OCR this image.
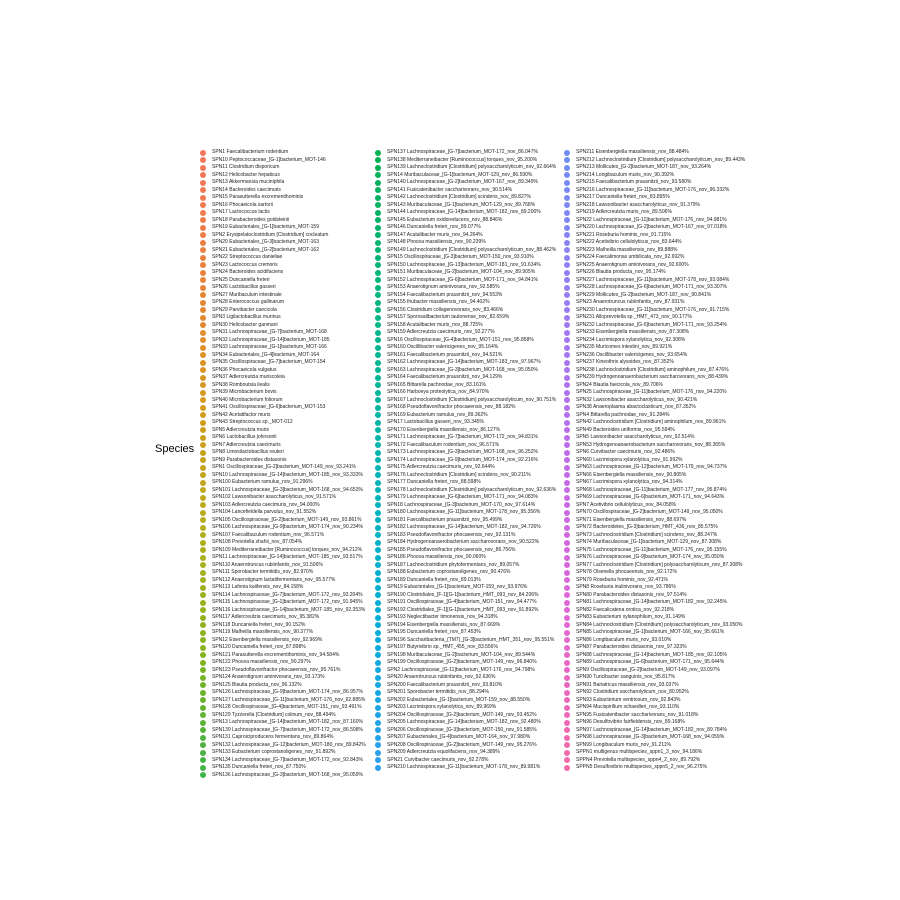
Species
SPN1 Faecalibacterium rodentium
SPN10 Peptococcaceae_[G-1]bacterium_MOT-146
SPN11 Clostridium disporicum
SPN12 Helicobacter hepaticus
SPN13 Akkermansia muciniphila
SPN14 Bacteroides caecimuris
SPN15 Parasutterella excrementihominis
SPN16 Phocaeicola sartorii
SPN17 Lactococcus lactis
SPN18 Parabacteroides goldsteinii
SPN19 Eubacteriales_[G-1]bacterium_MOT-159
SPN2 Erysipelatoclostridium [Clostridium] cocleatum
SPN20 Eubacteriales_[G-3]bacterium_MOT-163
SPN21 Eubacteriales_[G-2]bacterium_MOT-162
SPN22 Streptococcus danieliae
SPN23 Lactococcus cremoris
SPN24 Bacteroides acidifaciens
SPN25 Duncaniella freteri
SPN26 Lactobacillus gasseri
SPN27 Muribaculum intestinale
SPN28 Enterococcus gallinarum
SPN29 Parvibacter caecicola
SPN3 Ligilactobacillus murinus
SPN30 Helicobacter ganmani
SPN31 Lachnospiraceae_[G-7]bacterium_MOT-168
SPN32 Lachnospiraceae_[G-14]bacterium_MOT-185
SPN33 Lachnospiraceae_[G-1]bacterium_MOT-166
SPN34 Eubacteriales_[G-4]bacterium_MOT-164
SPN35 Oscillospiraceae_[G-7]bacterium_MOT-154
SPN36 Phocaeicola vulgatus
SPN37 Adlercreutzia muriscoleia
SPN38 Romboutsia ilealis
SPN39 Microbacterium bovis
SPN40 Microbacterium foliorum
SPN41 Oscillospiraceae_[G-6]bacterium_MOT-153
SPN42 Acetatifactor muris
SPN43 Streptococcus sp._MOT-012
SPN5 Adlercreutzia muris
SPN6 Lactobacillus johnsonii
SPN7 Adlercreutzia caecimuris
SPN8 Limosilactobacillus reuteri
SPN9 Parabacteroides distasonis
SPN1 Oscillospiraceae_[G-2]bacterium_MOT-149_nov_93.241%
SPN10 Lachnospiraceae_[G-14]bacterium_MOT-185_nov_93.333%
SPN100 Eubacterium ramulus_nov_91.296%
SPN101 Lachnospiraceae_[G-3]bacterium_MOT-168_nov_94.653%
SPN102 Lawsonibacter asaccharolyticus_nov_91.571%
SPN103 Adlercreutzia caecimuris_nov_94.000%
SPN104 Lancefieldella parvulus_nov_91.552%
SPN105 Oscillospiraceae_[G-2]bacterium_MOT-149_nov_93.861%
SPN106 Lachnospiraceae_[G-9]bacterium_MOT-174_nov_90.234%
SPN107 Faecalibaculum rodentium_nov_96.571%
SPN108 Prevotella shahii_nov_87.054%
SPN109 Mediterraneibacter [Ruminococcus] torques_nov_94.212%
SPN11 Lachnospiraceae_[G-14]bacterium_MOT-185_nov_93.517%
SPN110 Anaerotruncus rubiinfantis_nov_91.506%
SPN111 Sporobacter termitidis_nov_82.970%
SPN112 Anaerotignum lactatifermentans_nov_95.577%
SPN113 Lafonia kaiifensis_nov_84.158%
SPN114 Lachnospiraceae_[G-7]bacterium_MOT-172_nov_93.204%
SPN115 Lachnospiraceae_[G-1]bacterium_MOT-172_nov_91.945%
SPN116 Lachnospiraceae_[G-14]bacterium_MOT-185_nov_92.353%
SPN117 Adlercreutzia caecimuris_nov_95.382%
SPN118 Duncaniella freteri_nov_90.152%
SPN119 Malheilla massiliensis_nov_90.377%
SPN12 Eisenbergiella massiliensis_nov_92.969%
SPN120 Duncaniella freteri_nov_87.898%
SPN121 Parasutterella excrementihominis_nov_94.584%
SPN122 Phocea massiliensis_nov_90.297%
SPN123 Pseudoflavonifractor phocaeensis_nov_95.761%
SPN124 Anaerotignum aminivorans_nov_93.173%
SPN125 Blautia producta_nov_96.132%
SPN126 Lachnospiraceae_[G-9]bacterium_MOT-174_nov_86.957%
SPN127 Lachnospiraceae_[G-11]bacterium_MOT-176_nov_92.885%
SPN128 Oscillospiraceae_[G-4]bacterium_MOT-151_nov_93.491%
SPN129 Tyzzerella [Clostridium] colinum_nov_88.494%
SPN13 Lachnospiraceae_[G-14]bacterium_MOT-182_nov_87.160%
SPN130 Lachnospiraceae_[G-7]bacterium_MOT-172_nov_86.508%
SPN131 Caproiciproducens fermentans_nov_89.864%
SPN132 Lachnospiraceae_[G-12]bacterium_MOT-180_nov_89.842%
SPN133 Eubacterium coprostanoligenes_nov_91.892%
SPN134 Lachnospiraceae_[G-7]bacterium_MOT-172_nov_92.843%
SPN135 Duncaniella freteri_nov_87.750%
SPN136 Lachnospiraceae_[G-3]bacterium_MOT-168_nov_95.059%
SPN137 Lachnospiraceae_[G-7]bacterium_MOT-172_nov_86.047%
SPN138 Mediterraneibacter [Ruminococcus] torques_nov_95.200%
SPN139 Lachnoclostridium [Clostridium] polysaccharolyticum_nov_92.664%
SPN14 Muribaculaceae_[G-1]bacterium_MOT-129_nov_86.590%
SPN140 Lachnospiraceae_[G-2]bacterium_MOT-167_nov_89.349%
SPN141 Fusicatenibacter saccharivorans_nov_90.514%
SPN142 Lachnoclostridium [Clostridium] scindens_nov_89.827%
SPN143 Muribaculaceae_[G-1]bacterium_MOT-129_nov_89.768%
SPN144 Lachnospiraceae_[G-14]bacterium_MOT-182_nov_89.200%
SPN145 Eubacterium oxidoreducens_nov_88.846%
SPN146 Duncaniella freteri_nov_89.077%
SPN147 Acutalibacter muris_nov_94.264%
SPN148 Phocea massiliensis_nov_90.239%
SPN149 Lachnoclostridium [Clostridium] polysaccharolyticum_nov_88.462%
SPN15 Oscillospiraceae_[G-3]bacterium_MOT-150_nov_93.910%
SPN150 Lachnospiraceae_[G-13]bacterium_MOT-181_nov_91.634%
SPN151 Muribaculaceae_[G-2]bacterium_MOT-104_nov_89.905%
SPN152 Lachnospiraceae_[G-6]bacterium_MOT-171_nov_94.841%
SPN153 Anaerotignum aminivorans_nov_92.585%
SPN154 Faecalibacterium prausnitzii_nov_94.553%
SPN155 Ihubacter massiliensis_nov_94.402%
SPN156 Clostridium collagenovorans_nov_83.466%
SPN157 Sporosalibacterium tautonense_nov_82.659%
SPN158 Acutalibacter muris_nov_88.725%
SPN159 Adlercreutzia caecimuris_nov_92.277%
SPN16 Oscillospiraceae_[G-4]bacterium_MOT-151_nov_95.858%
SPN160 Oscillibacter valericigenes_nov_95.164%
SPN161 Faecalibacterium prausnitzii_nov_94.521%
SPN162 Lachnospiraceae_[G-14]bacterium_MOT-183_nov_97.967%
SPN163 Lachnospiraceae_[G-3]bacterium_MOT-168_nov_95.050%
SPN164 Faecalibacterium prausnitzii_nov_94.129%
SPN165 Bittarella pachnodae_nov_83.161%
SPN166 Harboeya proteolytica_nov_84.970%
SPN167 Lachnoclostridium [Clostridium] polysaccharolyticum_nov_90.751%
SPN168 Pseudoflavonifractor phocaeensis_nov_88.182%
SPN169 Eubacterium ramulus_nov_89.362%
SPN17 Lactobacillus gasseri_nov_93.345%
SPN170 Eisenbergiella massiliensis_nov_86.127%
SPN171 Lachnospiraceae_[G-7]bacterium_MOT-172_nov_94.831%
SPN172 Faecalibaculum rodentium_nov_96.571%
SPN173 Lachnospiraceae_[G-3]bacterium_MOT-168_nov_96.252%
SPN174 Lachnospiraceae_[G-9]bacterium_MOT-174_nov_92.216%
SPN175 Adlercreutzia caecimuris_nov_92.644%
SPN176 Lachnoclostridium [Clostridium] scindens_nov_90.211%
SPN177 Duncaniella freteri_nov_88.598%
SPN178 Lachnoclostridium [Clostridium] polysaccharolyticum_nov_92.636%
SPN179 Lachnospiraceae_[G-6]bacterium_MOT-171_nov_94.083%
SPN18 Lachnospiraceae_[G-3]bacterium_MOT-170_nov_97.614%
SPN180 Lachnospiraceae_[G-11]bacterium_MOT-178_nov_95.356%
SPN181 Faecalibacterium prausnitzii_nov_95.499%
SPN182 Lachnospiraceae_[G-14]bacterium_MOT-182_nov_94.726%
SPN183 Pseudoflavonifractor phocaeensis_nov_92.131%
SPN184 Hydrogenoanaerobacterium saccharovorans_nov_90.522%
SPN185 Pseudoflavonifractor phocaeensis_nov_86.756%
SPN186 Phocea massiliensis_nov_90.060%
SPN187 Lachnoclostridium phytofermentans_nov_89.057%
SPN188 Eubacterium coprostanoligenes_nov_90.476%
SPN189 Duncaniella freteri_nov_89.013%
SPN19 Eubacteriales_[G-1]bacterium_MOT-159_nov_93.976%
SPN190 Clostridiales_[F-1][G-1]bacterium_HMT_093_nov_84.206%
SPN191 Oscillospiraceae_[G-4]bacterium_MOT-151_nov_94.477%
SPN192 Clostridiales_[F-1][G-1]bacterium_HMT_093_nov_91.892%
SPN193 Neglectibacter timonensis_nov_94.318%
SPN194 Eisenbergiella massiliensis_nov_87.669%
SPN195 Duncaniella freteri_nov_87.453%
SPN196 Saccharibacteria_(TM7)_[G-3]bacterium_HMT_351_nov_95.551%
SPN197 Butyrivibrio sp._HMT_455_nov_83.556%
SPN198 Muribaculaceae_[G-2]bacterium_MOT-104_nov_89.544%
SPN199 Oscillospiraceae_[G-2]bacterium_MOT-149_nov_96.840%
SPN2 Lachnospiraceae_[G-11]bacterium_MOT-176_nov_94.798%
SPN20 Anaerotruncus rubiinfantis_nov_92.636%
SPN200 Faecalibacterium prausnitzii_nov_93.810%
SPN201 Sporobacter termitidis_nov_88.294%
SPN202 Eubacteriales_[G-1]bacterium_MOT-159_nov_88.550%
SPN203 Lacrimispora xylanolytica_nov_89.969%
SPN204 Oscillospiraceae_[G-2]bacterium_MOT-149_nov_93.452%
SPN205 Lachnospiraceae_[G-14]bacterium_MOT-182_nov_92.480%
SPN206 Oscillospiraceae_[G-3]bacterium_MOT-150_nov_91.585%
SPN207 Eubacteriales_[G-4]bacterium_MOT-164_nov_97.980%
SPN208 Oscillospiraceae_[G-2]bacterium_MOT-149_nov_95.276%
SPN209 Adlercreutzia equolifaciens_nov_94.389%
SPN21 Curvibacter caecimuris_nov_92.278%
SPN210 Lachnospiraceae_[G-11]bacterium_MOT-178_nov_89.981%
SPN211 Eisenbergiella massiliensis_nov_88.484%
SPN212 Lachnoclostridium [Clostridium] polysaccharolyticum_nov_89.443%
SPN213 Mollicutes_[G-2]bacterium_MOT-187_nov_93.264%
SPN214 Longibaculum muris_nov_90.392%
SPN215 Faecalibacterium prausnitzii_nov_93.580%
SPN216 Lachnospiraceae_[G-11]bacterium_MOT-176_nov_96.332%
SPN217 Duncaniella freteri_nov_83.895%
SPN218 Lawsonibacter asaccharolyticus_nov_91.379%
SPN219 Adlercreutzia muris_nov_89.506%
SPN22 Lachnospiraceae_[G-11]bacterium_MOT-176_nov_94.981%
SPN220 Lachnospiraceae_[G-2]bacterium_MOT-167_nov_97.018%
SPN221 Roseburia hominis_nov_91.715%
SPN222 Acetivibrio cellulolyticus_nov_83.644%
SPN223 Malheilla massiliensis_nov_89.888%
SPN224 Faecalimonas umbilicata_nov_92.692%
SPN225 Anaerotignum aminivorans_nov_92.600%
SPN226 Blautia producta_nov_95.174%
SPN227 Lachnospiraceae_[G-11]bacterium_MOT-178_nov_93.084%
SPN228 Lachnospiraceae_[G-6]bacterium_MOT-171_nov_93.307%
SPN229 Mollicutes_[G-2]bacterium_MOT-187_nov_90.841%
SPN23 Anaerotruncus rubiinfantis_nov_87.931%
SPN230 Lachnospiraceae_[G-11]bacterium_MOT-176_nov_91.715%
SPN231 Alloprevotella sp._HMT_473_nov_90.177%
SPN232 Lachnospiraceae_[G-6]bacterium_MOT-171_nov_93.254%
SPN233 Eisenbergiella massiliensis_nov_87.308%
SPN234 Lacrimispora xylanolytica_nov_92.308%
SPN235 Muricomes intestini_nov_89.921%
SPN236 Oscillibacter valericigenes_nov_93.654%
SPN237 Kineothrix alysoides_nov_87.352%
SPN238 Lachnoclostridium [Clostridium] aminophilum_nov_87.476%
SPN239 Hydrogenoanaerobacterium saccharovorans_nov_88.439%
SPN24 Blautia faecicola_nov_89.706%
SPN25 Lachnospiraceae_[G-11]bacterium_MOT-176_nov_94.220%
SPN32 Lawsonibacter asaccharolyticus_nov_90.421%
SPN38 Anaeroplasma abactoclasticum_nov_87.352%
SPN4 Bittarella pachnodae_nov_91.284%
SPN42 Lachnoclostridium [Clostridium] aminophilum_nov_89.961%
SPN49 Bacteroides uniformis_nov_95.594%
SPN5 Lawsonibacter asaccharolyticus_nov_92.514%
SPN53 Hydrogenoanaerobacterium saccharovorans_nov_88.365%
SPN6 Curvibacter caecimuris_nov_92.486%
SPN60 Lacrimispora xylanolytica_nov_91.992%
SPN63 Lachnospiraceae_[G-12]bacterium_MOT-179_nov_94.737%
SPN66 Eisenbergiella massiliensis_nov_90.805%
SPN67 Lacrimispora xylanolytica_nov_94.314%
SPN68 Lachnospiraceae_[G-11]bacterium_MOT-177_nov_95.874%
SPN69 Lachnospiraceae_[G-6]bacterium_MOT-171_nov_94.643%
SPN7 Acetivibrio cellulolyticus_nov_84.058%
SPN70 Oscillospiraceae_[G-2]bacterium_MOT-149_nov_95.050%
SPN71 Eisenbergiella massiliensis_nov_88.697%
SPN72 Bacteroidetes_[G-3]bacterium_HMT_436_nov_85.575%
SPN73 Lachnoclostridium [Clostridium] scindens_nov_88.247%
SPN74 Muribaculaceae_[G-1]bacterium_MOT-129_nov_87.308%
SPN75 Lachnospiraceae_[G-11]bacterium_MOT-176_nov_95.155%
SPN76 Lachnospiraceae_[G-9]bacterium_MOT-174_nov_95.050%
SPN77 Lachnoclostridium [Clostridium] polysaccharolyticum_nov_87.308%
SPN78 Olsenella phocaeensis_nov_92.172%
SPN79 Roseburia hominis_nov_92.471%
SPN8 Roseburia inulinivorans_nov_93.786%
SPN80 Parabacteroides distasonis_nov_97.514%
SPN81 Lachnospiraceae_[G-14]bacterium_MOT-182_nov_92.245%
SPN82 Faecalicatena orotica_nov_92.218%
SPN83 Eubacterium xylanophilum_nov_91.149%
SPN84 Lachnoclostridium [Clostridium] polysaccharolyticum_nov_93.050%
SPN85 Lachnospiraceae_[G-1]bacterium_MOT-166_nov_95.661%
SPN86 Longibaculum muris_nov_93.010%
SPN87 Parabacteroides distasonis_nov_97.323%
SPN88 Lachnospiraceae_[G-14]bacterium_MOT-185_nov_92.105%
SPN89 Lachnospiraceae_[G-6]bacterium_MOT-171_nov_95.644%
SPN9 Oscillospiraceae_[G-2]bacterium_MOT-149_nov_93.097%
SPN90 Turicibacter sanguinis_nov_95.817%
SPN91 Bariatricus massiliensis_nov_93.037%
SPN92 Clostridium saccharolyticum_nov_80.952%
SPN93 Eubacterium ventriosum_nov_92.843%
SPN94 Mucispirillum schaedleri_nov_93.110%
SPN95 Fusicatenibacter saccharivorans_nov_91.018%
SPN96 Desulfovibrio fairfieldensis_nov_89.168%
SPN97 Lachnospiraceae_[G-14]bacterium_MOT-182_nov_89.784%
SPN98 Lachnospiraceae_[G-3]bacterium_MOT-168_nov_94.059%
SPN99 Longibaculum muris_nov_91.211%
SPPN1 multigenus multispecies_sppn1_3_nov_94.186%
SPPN4 Prevotella multispecies_sppn4_2_nov_89.792%
SPPN5 Desulfovibrio multispecies_sppn5_2_nov_96.275%
